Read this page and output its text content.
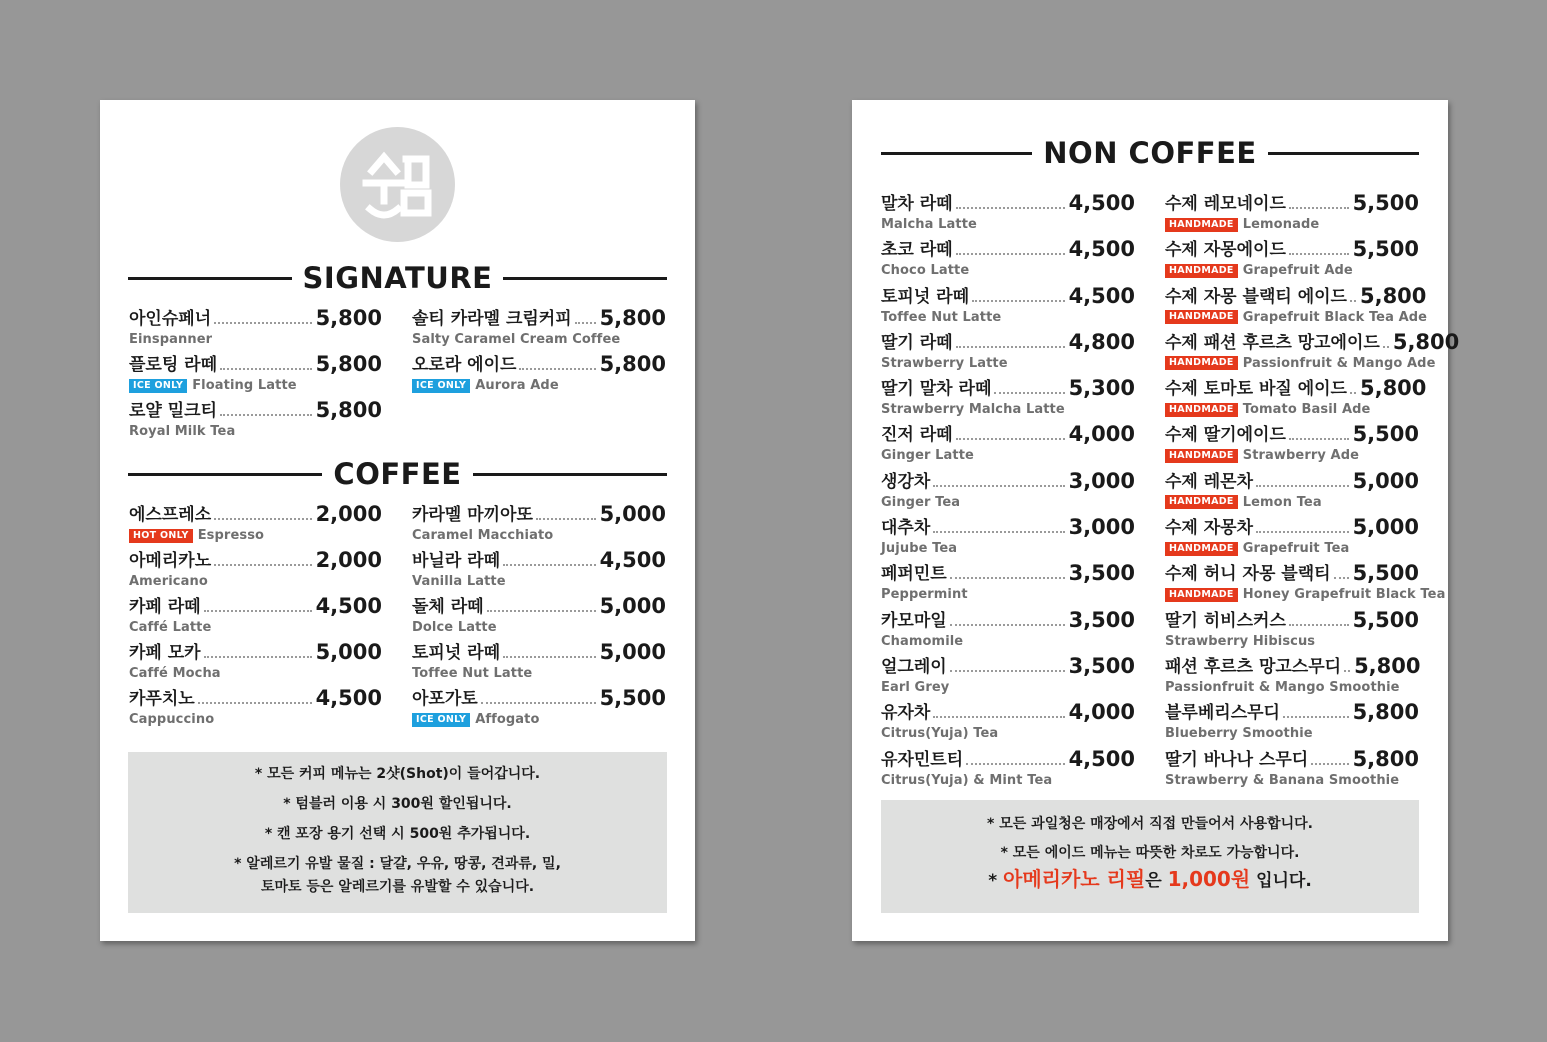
SIGNATURE
아인슈페너	5,800
Einspanner
플로팅 라떼	5,800
ICE ONLY Floating Latte
로얄 밀크티	5,800
Royal Milk Tea
솔티 카라멜 크림커피 5,800
Salty Caramel Cream Coffee
오로라 에이드	5,800
ICE ONLY Aurora Ade
COFFEE
에스프레소	2,000
HOT ONLY Espresso
아메리카노	2,000
Americano
카페 라떼	4,500
Caffé Latte
카페 모카	5,000
Caffé Mocha
카푸치노	4,500
Cappuccino
카라멜 마끼아또	5,000
Caramel Macchiato
바닐라 라떼	4,500
Vanilla Latte
돌체 라떼	5,000
Dolce Latte
토피넛 라떼	5,000
Toffee Nut Latte
아포가토	5,500
ICE ONLY Affogato

* 모든 커피 메뉴는 2샷(Shot)이 들어갑니다.

* 텀블러 이용 시 300원 할인됩니다.

* 캔 포장 용기 선택 시 500원 추가됩니다.

* 알레르기 유발 물질 : 달걀, 우유, 땅콩, 견과류, 밀,

토마토 등은 알레르기를 유발할 수 있습니다.

NON COFFEE
말차 라떼	4,500
Malcha Latte
초코 라떼	4,500
Choco Latte
토피넛 라떼	4,500
Toffee Nut Latte
딸기 라떼	4,800
Strawberry Latte
딸기 말차 라떼	5,300
Strawberry Malcha Latte
진저 라떼	4,000
Ginger Latte
생강차	3,000
Ginger Tea
대추차	3,000
Jujube Tea
페퍼민트	3,500
Peppermint
카모마일	3,500
Chamomile
얼그레이	3,500
Earl Grey
유자차	4,000
Citrus(Yuja) Tea
유자민트티	4,500
Citrus(Yuja) & Mint Tea
수제 레모네이드	5,500
HANDMADE Lemonade
수제 자몽에이드	5,500
HANDMADE Grapefruit Ade
수제 자몽 블랙티 에이드 5,800
HANDMADE Grapefruit Black Tea Ade
수제 패션 후르츠 망고에이드 5,800
HANDMADE Passionfruit & Mango Ade
수제 토마토 바질 에이드 5,800
HANDMADE Tomato Basil Ade
수제 딸기에이드	5,500
HANDMADE Strawberry Ade
수제 레몬차	5,000
HANDMADE Lemon Tea
수제 자몽차	5,000
HANDMADE Grapefruit Tea
수제 허니 자몽 블랙티 5,500
HANDMADE Honey Grapefruit Black Tea
딸기 히비스커스	5,500
Strawberry Hibiscus
패션 후르츠 망고스무디 5,800
Passionfruit & Mango Smoothie
블루베리스무디	5,800
Blueberry Smoothie
딸기 바나나 스무디 5,800
Strawberry & Banana Smoothie

* 모든 과일청은 매장에서 직접 만들어서 사용합니다.

* 모든 에이드 메뉴는 따뜻한 차로도 가능합니다.

* 아메리카노 리필은 1,000원 입니다.
